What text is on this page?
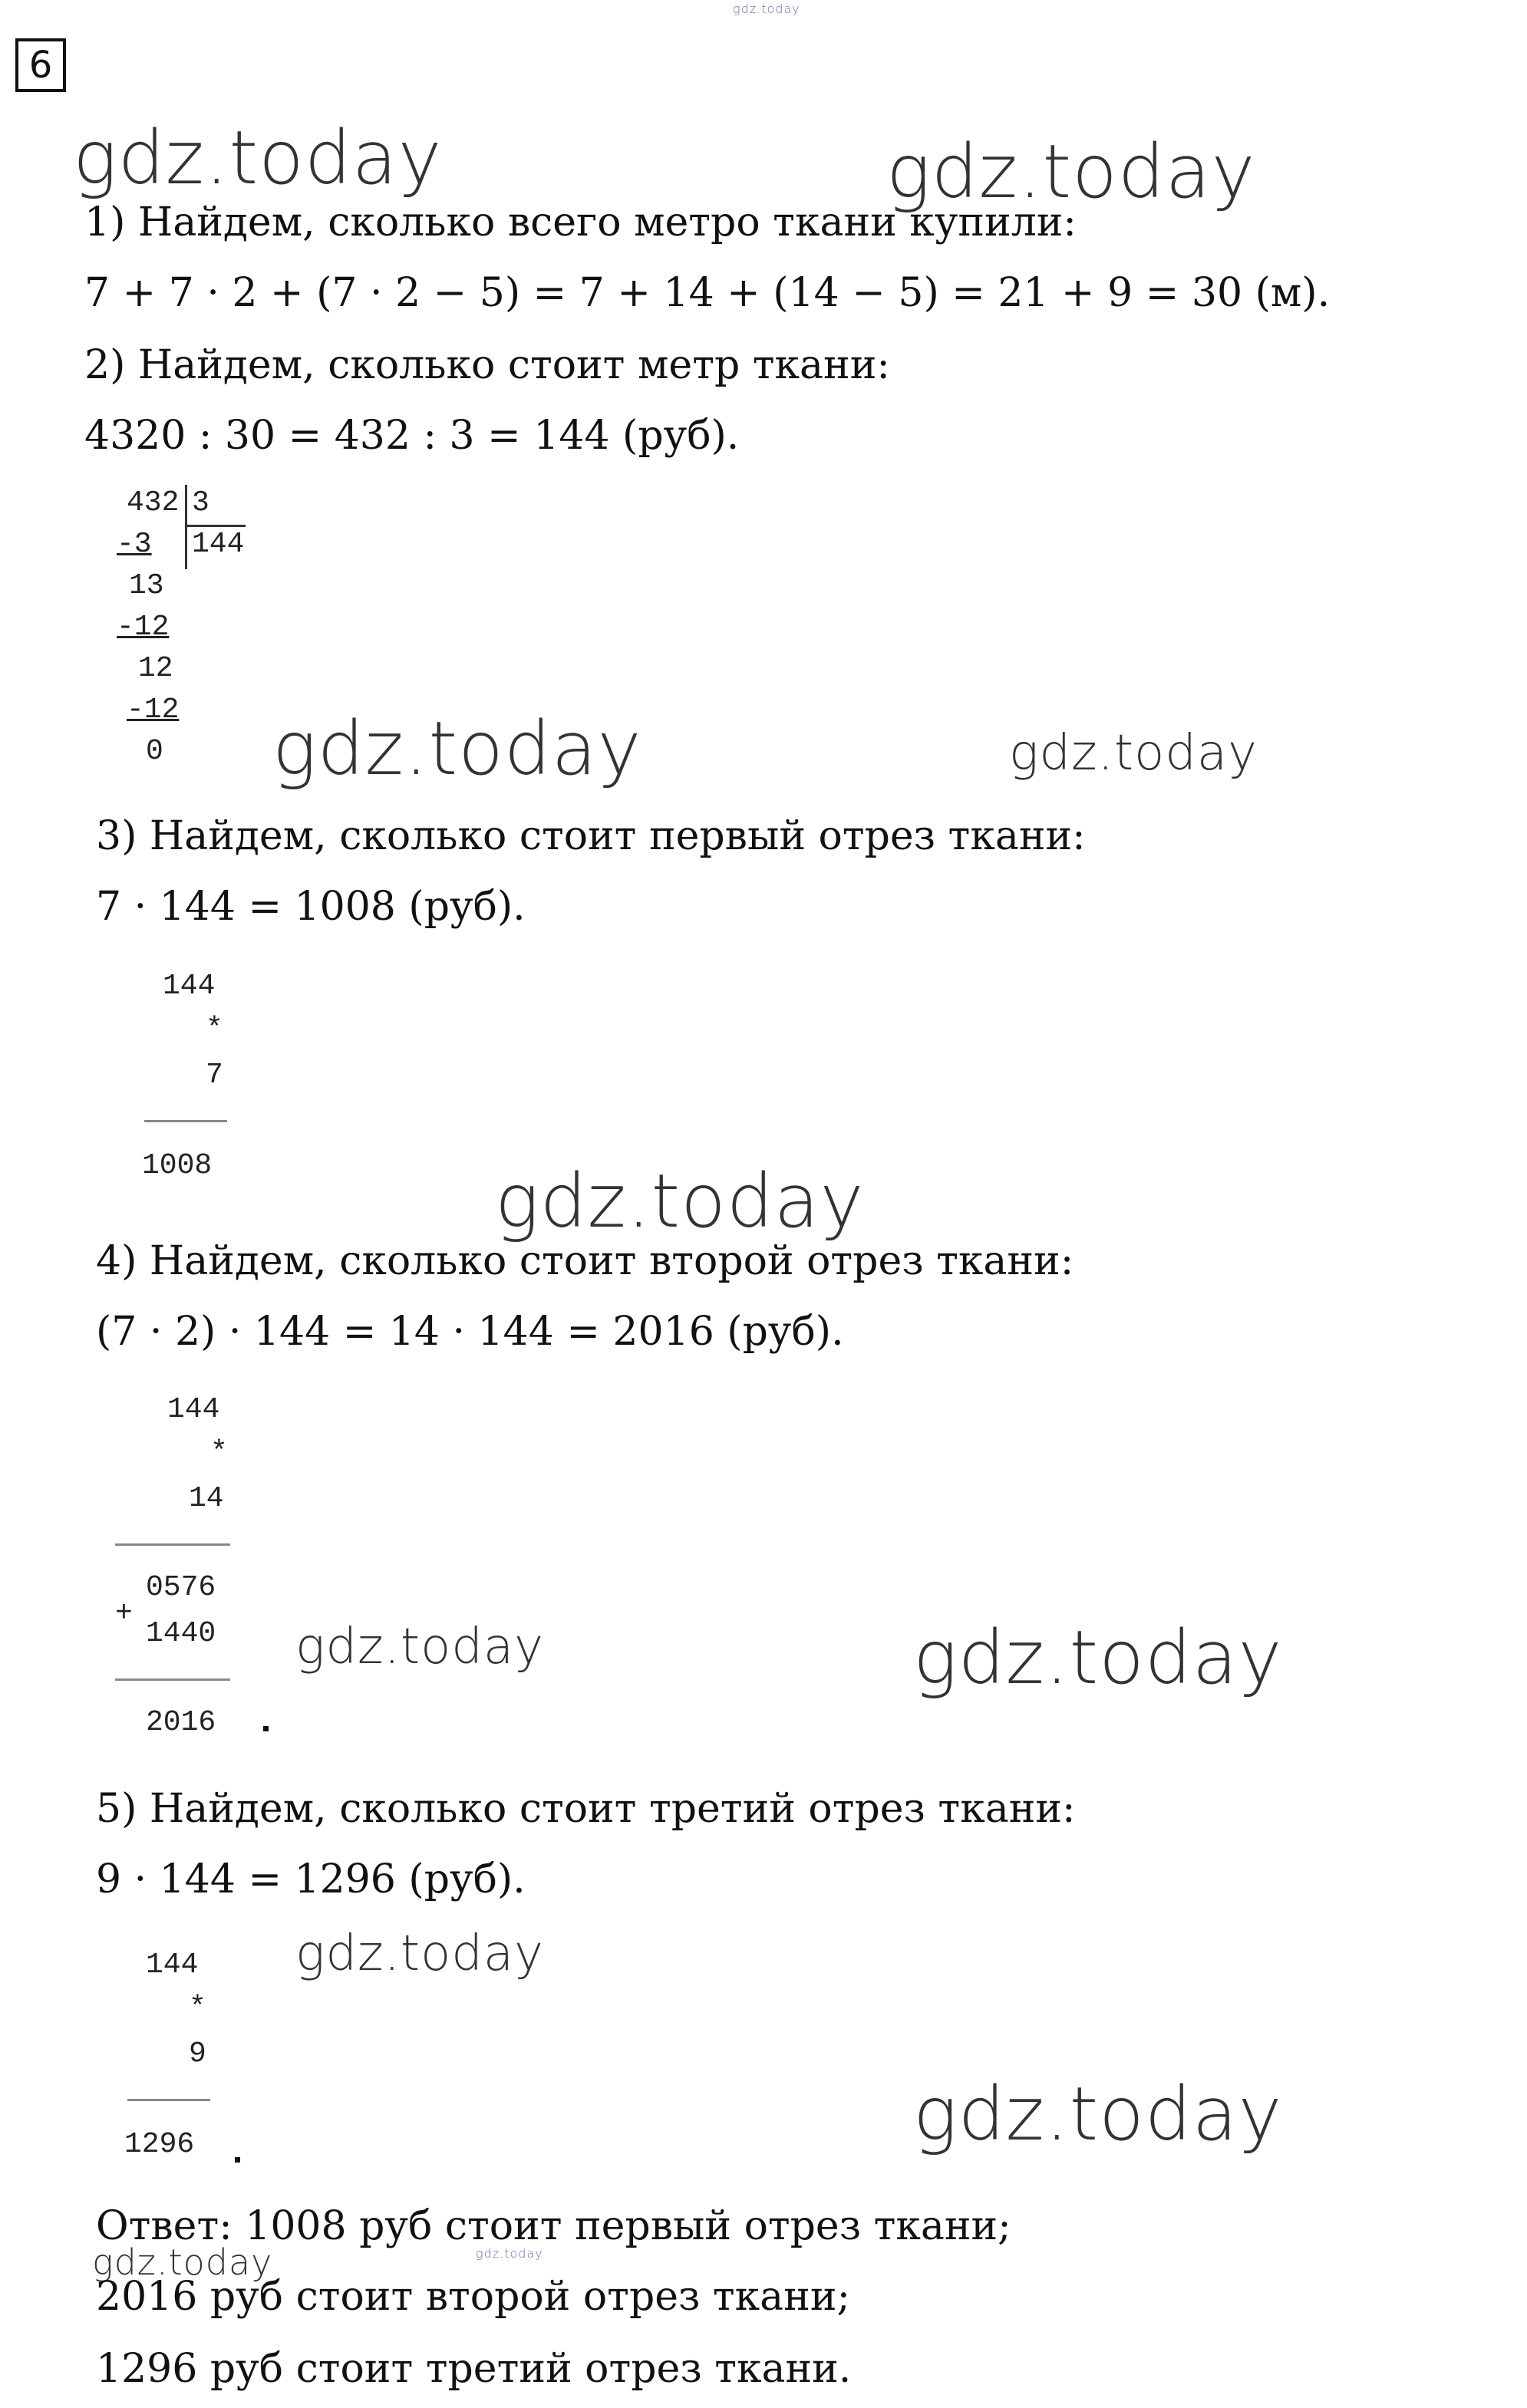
gdz.today
6
gdz.today	gdz.today
gdz.today	gdz.today
gdz.today
gdz.today	gdz.today
gdz.today
gdz.today
gdz.today	gdz.today
1) Найдем, сколько всего метро ткани купили:
7 + 7 · 2 + (7 · 2 − 5) = 7 + 14 + (14 − 5) = 21 + 9 = 30 (м).
2) Найдем, сколько стоит метр ткани:
4320 : 30 = 432 : 3 = 144 (руб).
432 3
144
-3
13
-12
12
-12
0
3) Найдем, сколько стоит первый отрез ткани:
7 · 144 = 1008 (руб).
144
*
7
1008
4) Найдем, сколько стоит второй отрез ткани:
(7 · 2) · 144 = 14 · 144 = 2016 (руб).
144
*
14
0576
+
1440
2016
5) Найдем, сколько стоит третий отрез ткани:
9 · 144 = 1296 (руб).
144
*
9
1296
Ответ: 1008 руб стоит первый отрез ткани;
2016 руб стоит второй отрез ткани;
1296 руб стоит третий отрез ткани.
